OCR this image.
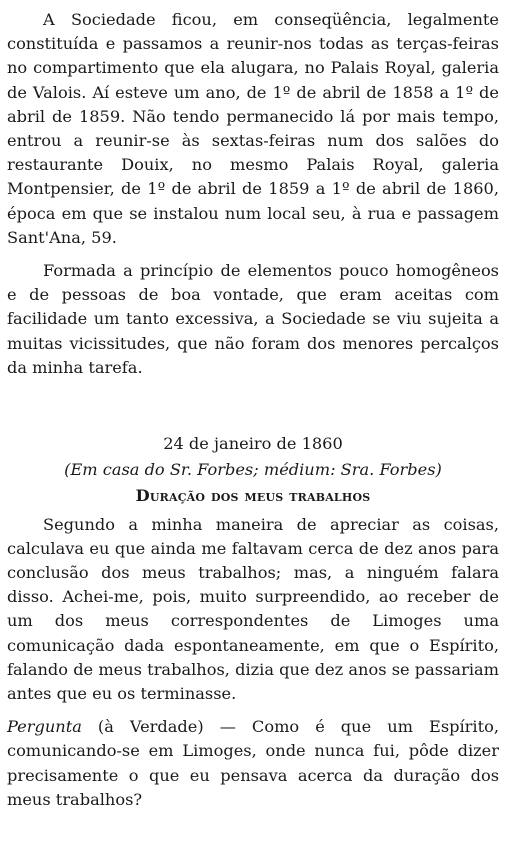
A Sociedade ficou, em conseqüência, legalmente constituída e passamos a reunir-nos todas as terças-feiras no compartimento que ela alugara, no Palais Royal, galeria de Valois. Aí esteve um ano, de 1º de abril de 1858 a 1º de abril de 1859. Não tendo permanecido lá por mais tempo, entrou a reunir-se às sextas-feiras num dos salões do restaurante Douix, no mesmo Palais Royal, galeria Montpensier, de 1º de abril de 1859 a 1º de abril de 1860, época em que se instalou num local seu, à rua e passagem Sant'Ana, 59.

Formada a princípio de elementos pouco homogêneos e de pessoas de boa vontade, que eram aceitas com facilidade um tanto excessiva, a Sociedade se viu sujeita a muitas vicissitudes, que não foram dos menores percalços da minha tarefa.

24 de janeiro de 1860

(Em casa do Sr. Forbes; médium: Sra. Forbes)

Duração dos meus trabalhos

Segundo a minha maneira de apreciar as coisas, calculava eu que ainda me faltavam cerca de dez anos para conclusão dos meus trabalhos; mas, a ninguém falara disso. Achei-me, pois, muito surpreendido, ao receber de um dos meus correspondentes de Limoges uma comunicação dada espontaneamente, em que o Espírito, falando de meus trabalhos, dizia que dez anos se passariam antes que eu os terminasse.

Pergunta (à Verdade) — Como é que um Espírito, comunicando-se em Limoges, onde nunca fui, pôde dizer precisamente o que eu pensava acerca da duração dos meus trabalhos?
